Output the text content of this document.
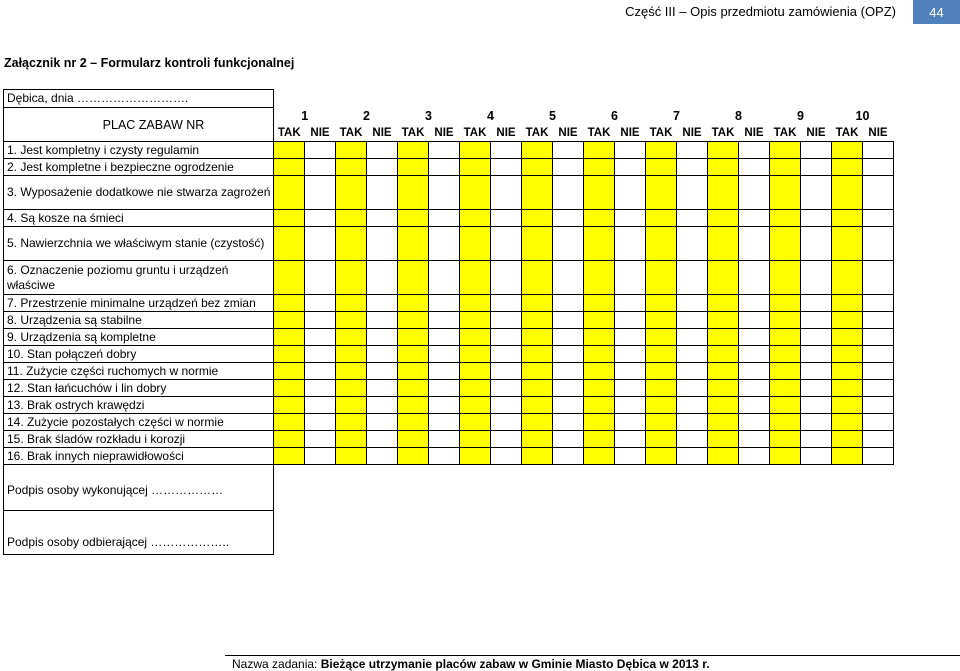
Część III – Opis przedmiotu zamówienia (OPZ)	44
Załącznik nr 2 – Formularz kontroli funkcjonalnej
Dębica, dnia ……………………….																				
PLAC ZABAW NR	1		2		3		4		5		6		7		8		9		10	
	TAK	NIE	TAK	NIE	TAK	NIE	TAK	NIE	TAK	NIE	TAK	NIE	TAK	NIE	TAK	NIE	TAK	NIE	TAK	NIE
1. Jest kompletny i czysty regulamin																				
2. Jest kompletne i bezpieczne ogrodzenie																				
3. Wyposażenie dodatkowe nie stwarza zagrożeń																				
4. Są kosze na śmieci																				
5. Nawierzchnia we właściwym stanie (czystość)																				
6. Oznaczenie poziomu gruntu i urządzeń właściwe																				
7. Przestrzenie minimalne urządzeń bez zmian																				
8. Urządzenia są stabilne																				
9. Urządzenia są kompletne																				
10. Stan połączeń dobry																				
11. Zużycie części ruchomych w normie																				
12. Stan łańcuchów i lin dobry																				
13. Brak ostrych krawędzi																				
14. Zużycie pozostałych części w normie																				
15. Brak śladów rozkładu i korozji																				
16. Brak innych nieprawidłowości																				

Podpis osoby wykonującej ………………																				
Podpis osoby odbierającej ………………..																				
Nazwa zadania: Bieżące utrzymanie placów zabaw w Gminie Miasto Dębica w 2013 r.
